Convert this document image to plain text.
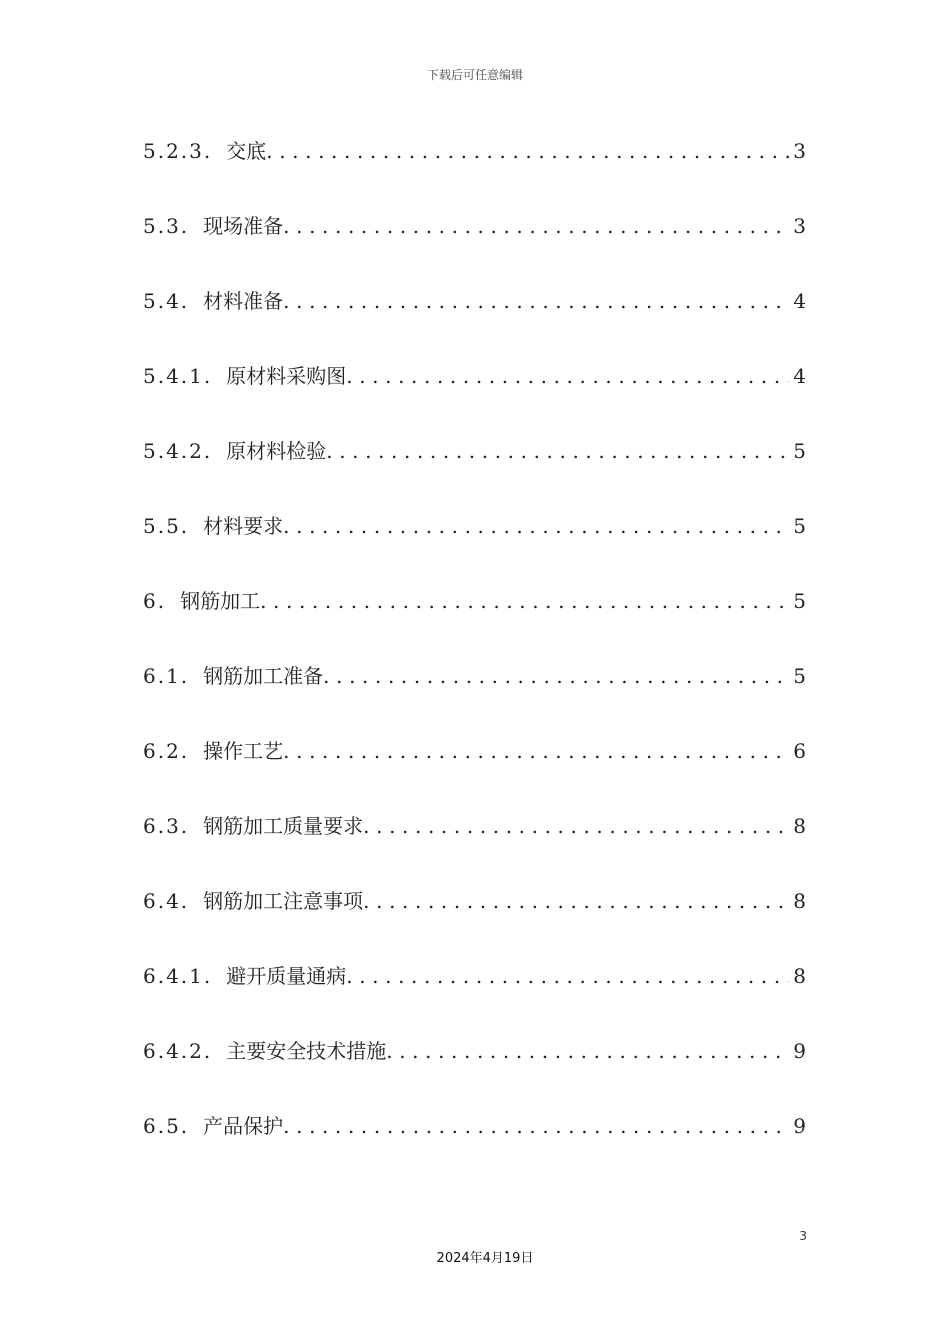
下载后可任意编辑
5.2.3. 交底 .....	3
5.3. 现场准备 .....	3
5.4. 材料准备 .....	4
5.4.1. 原材料采购图 .....	4
5.4.2. 原材料检验 .....	5
5.5. 材料要求 .....	5
6. 钢筋加工 .....	5
6.1. 钢筋加工准备 .....	5
6.2. 操作工艺 .....	6
6.3. 钢筋加工质量要求 .....	8
6.4. 钢筋加工注意事项 .....	8
6.4.1. 避开质量通病 .....	8
6.4.2. 主要安全技术措施 .....	9
6.5. 产品保护 .....	9
3
2024年4月19日
